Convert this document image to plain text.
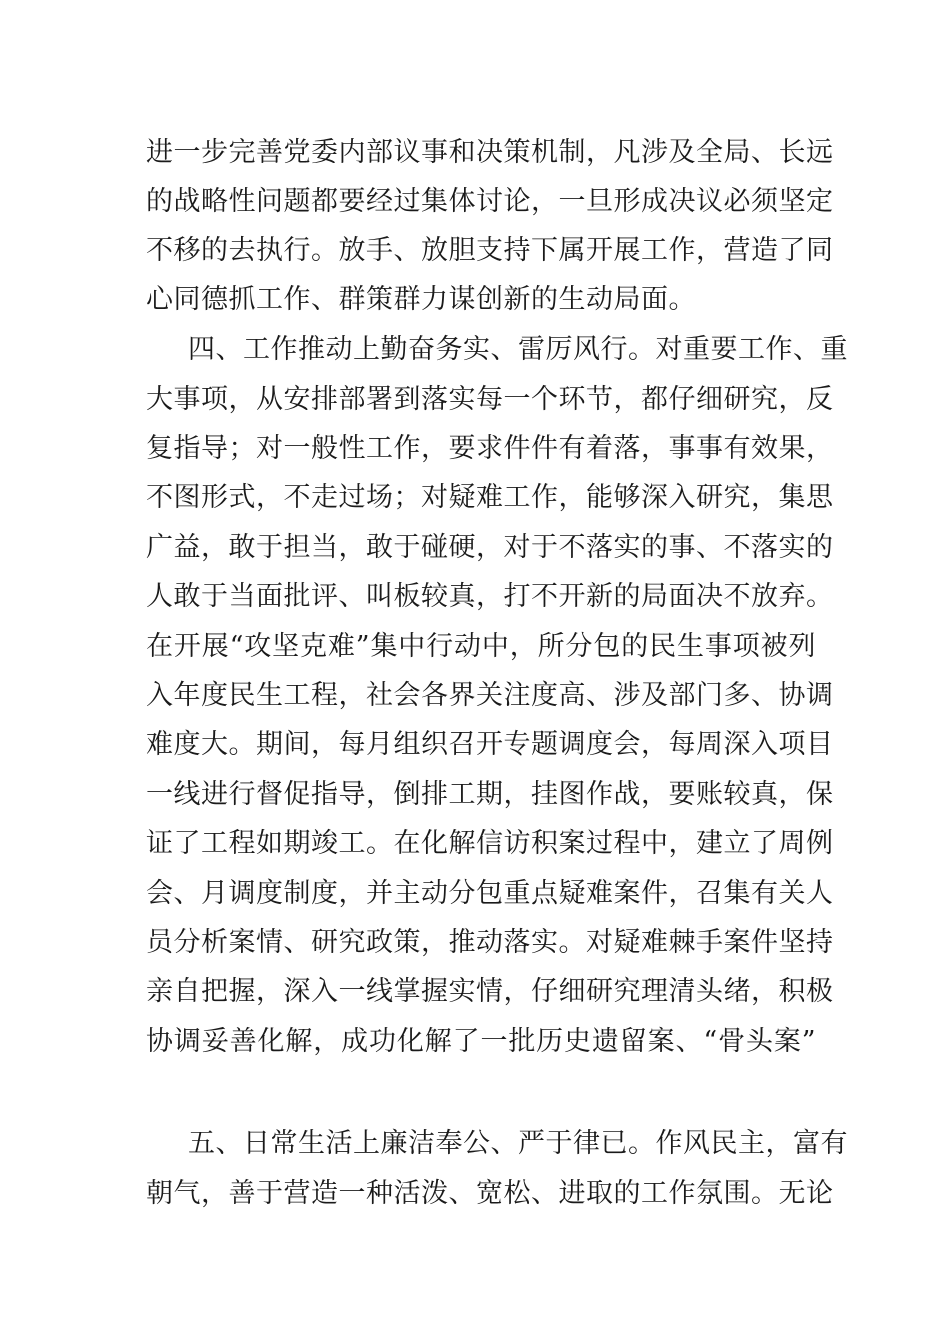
进一步完善党委内部议事和决策机制，凡涉及全局、长远
的战略性问题都要经过集体讨论，一旦形成决议必须坚定
不移的去执行。放手、放胆支持下属开展工作，营造了同
心同德抓工作、群策群力谋创新的生动局面。
四、工作推动上勤奋务实、雷厉风行。对重要工作、重
大事项，从安排部署到落实每一个环节，都仔细研究，反
复指导；对一般性工作，要求件件有着落，事事有效果，
不图形式，不走过场；对疑难工作，能够深入研究，集思
广益，敢于担当，敢于碰硬，对于不落实的事、不落实的
人敢于当面批评、叫板较真，打不开新的局面决不放弃。
在开展“攻坚克难”集中行动中，所分包的民生事项被列
入年度民生工程，社会各界关注度高、涉及部门多、协调
难度大。期间，每月组织召开专题调度会，每周深入项目
一线进行督促指导，倒排工期，挂图作战，要账较真，保
证了工程如期竣工。在化解信访积案过程中，建立了周例
会、月调度制度，并主动分包重点疑难案件，召集有关人
员分析案情、研究政策，推动落实。对疑难棘手案件坚持
亲自把握，深入一线掌握实情，仔细研究理清头绪，积极
协调妥善化解，成功化解了一批历史遗留案、“骨头案”
五、日常生活上廉洁奉公、严于律已。作风民主，富有
朝气，善于营造一种活泼、宽松、进取的工作氛围。无论
